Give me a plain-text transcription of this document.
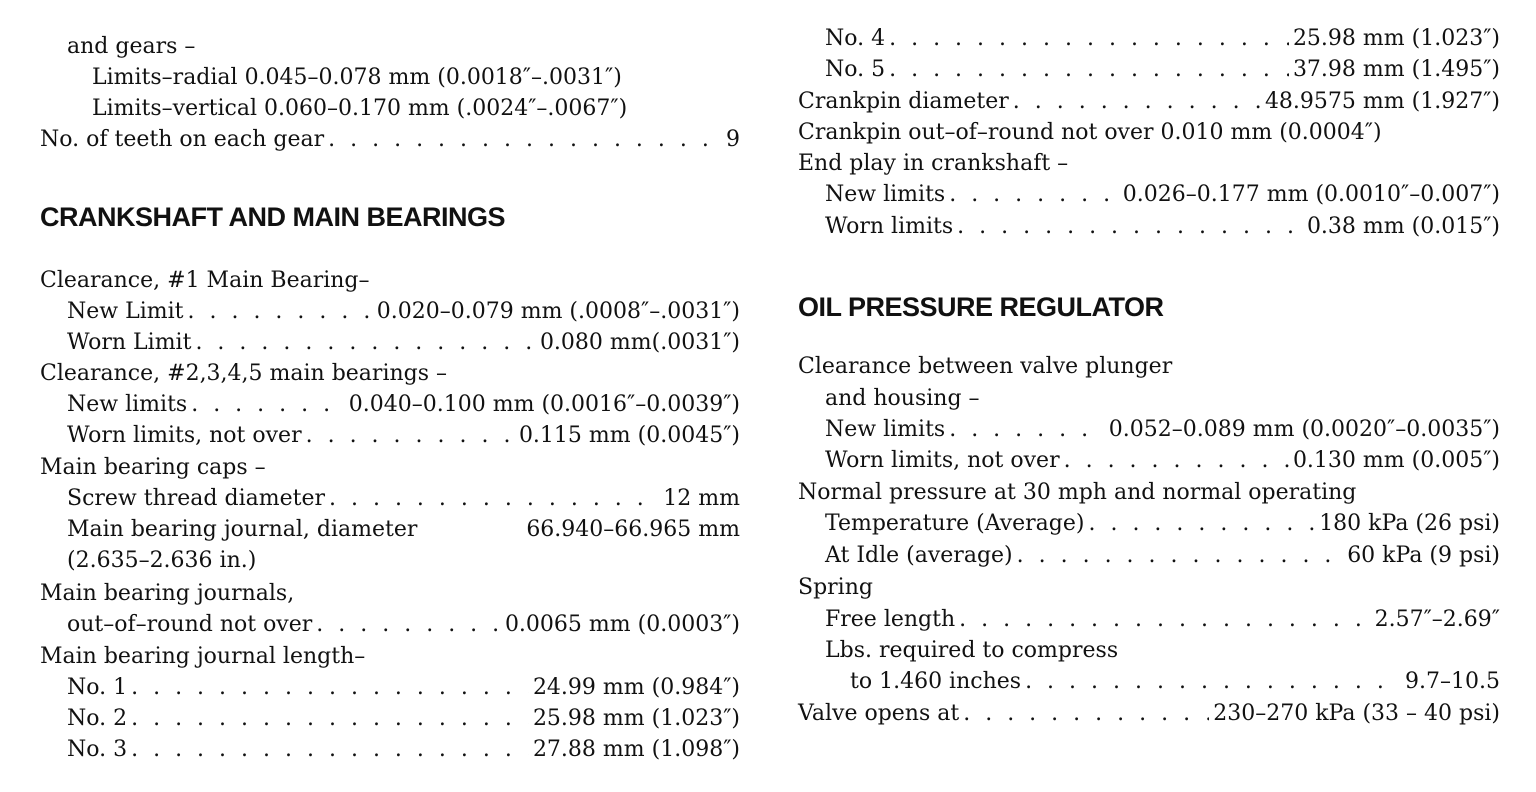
and gears –
Limits–radial 0.045–0.078 mm (0.0018″–.0031″)
Limits–vertical 0.060–0.170 mm (.0024″–.0067″)
No. of teeth on each gear . . .	9
CRANKSHAFT AND MAIN BEARINGS
Clearance, #1 Main Bearing–
New Limit . . .	0.020–0.079 mm (.0008″–.0031″)
Worn Limit . . .	0.080 mm(.0031″)
Clearance, #2,3,4,5 main bearings –
New limits . . .	0.040–0.100 mm (0.0016″–0.0039″)
Worn limits, not over . . .	0.115 mm (0.0045″)
Main bearing caps –
Screw thread diameter . . .	12 mm
Main bearing journal, diameter	66.940–66.965 mm
(2.635–2.636 in.)
Main bearing journals,
out–of–round not over . . .	0.0065 mm (0.0003″)
Main bearing journal length–
No. 1 . . .	24.99 mm (0.984″)
No. 2 . . .	25.98 mm (1.023″)
No. 3 . . .	27.88 mm (1.098″)
No. 4 . . .	25.98 mm (1.023″)
No. 5 . . .	37.98 mm (1.495″)
Crankpin diameter . . .	48.9575 mm (1.927″)
Crankpin out–of–round not over 0.010 mm (0.0004″)
End play in crankshaft –
New limits . . .	0.026–0.177 mm (0.0010″–0.007″)
Worn limits . . .	0.38 mm (0.015″)
OIL PRESSURE REGULATOR
Clearance between valve plunger
and housing –
New limits . . .	0.052–0.089 mm (0.0020″–0.0035″)
Worn limits, not over . . .	0.130 mm (0.005″)
Normal pressure at 30 mph and normal operating
Temperature (Average) . . .	180 kPa (26 psi)
At Idle (average) . . .	60 kPa (9 psi)
Spring
Free length . . .	2.57″–2.69″
Lbs. required to compress
to 1.460 inches . . .	9.7–10.5
Valve opens at . . .	230–270 kPa (33 – 40 psi)
